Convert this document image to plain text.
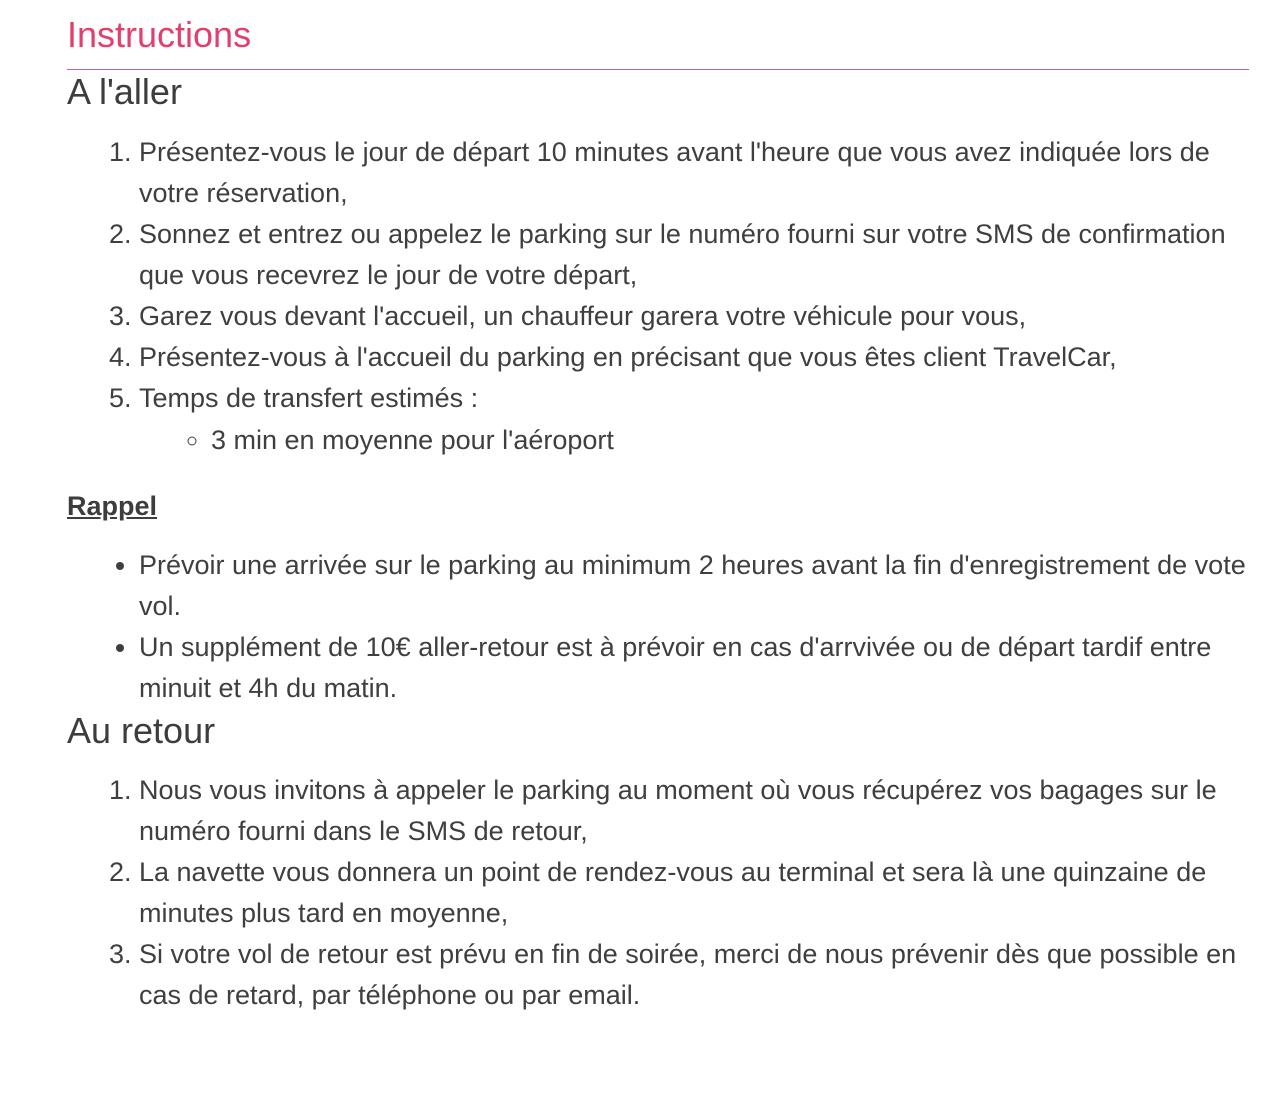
Instructions
A l'aller
1. Présentez-vous le jour de départ 10 minutes avant l'heure que vous avez indiquée lors de votre réservation,
2. Sonnez et entrez ou appelez le parking sur le numéro fourni sur votre SMS de confirmation que vous recevrez le jour de votre départ,
3. Garez vous devant l'accueil, un chauffeur garera votre véhicule pour vous,
4. Présentez-vous à l'accueil du parking en précisant que vous êtes client TravelCar,
5. Temps de transfert estimés :
◦ 3 min en moyenne pour l'aéroport
Rappel
• Prévoir une arrivée sur le parking au minimum 2 heures avant la fin d'enregistrement de vote vol.
• Un supplément de 10€ aller-retour est à prévoir en cas d'arrvivée ou de départ tardif entre minuit et 4h du matin.
Au retour
1. Nous vous invitons à appeler le parking au moment où vous récupérez vos bagages sur le numéro fourni dans le SMS de retour,
2. La navette vous donnera un point de rendez-vous au terminal et sera là une quinzaine de minutes plus tard en moyenne,
3. Si votre vol de retour est prévu en fin de soirée, merci de nous prévenir dès que possible en cas de retard, par téléphone ou par email.
